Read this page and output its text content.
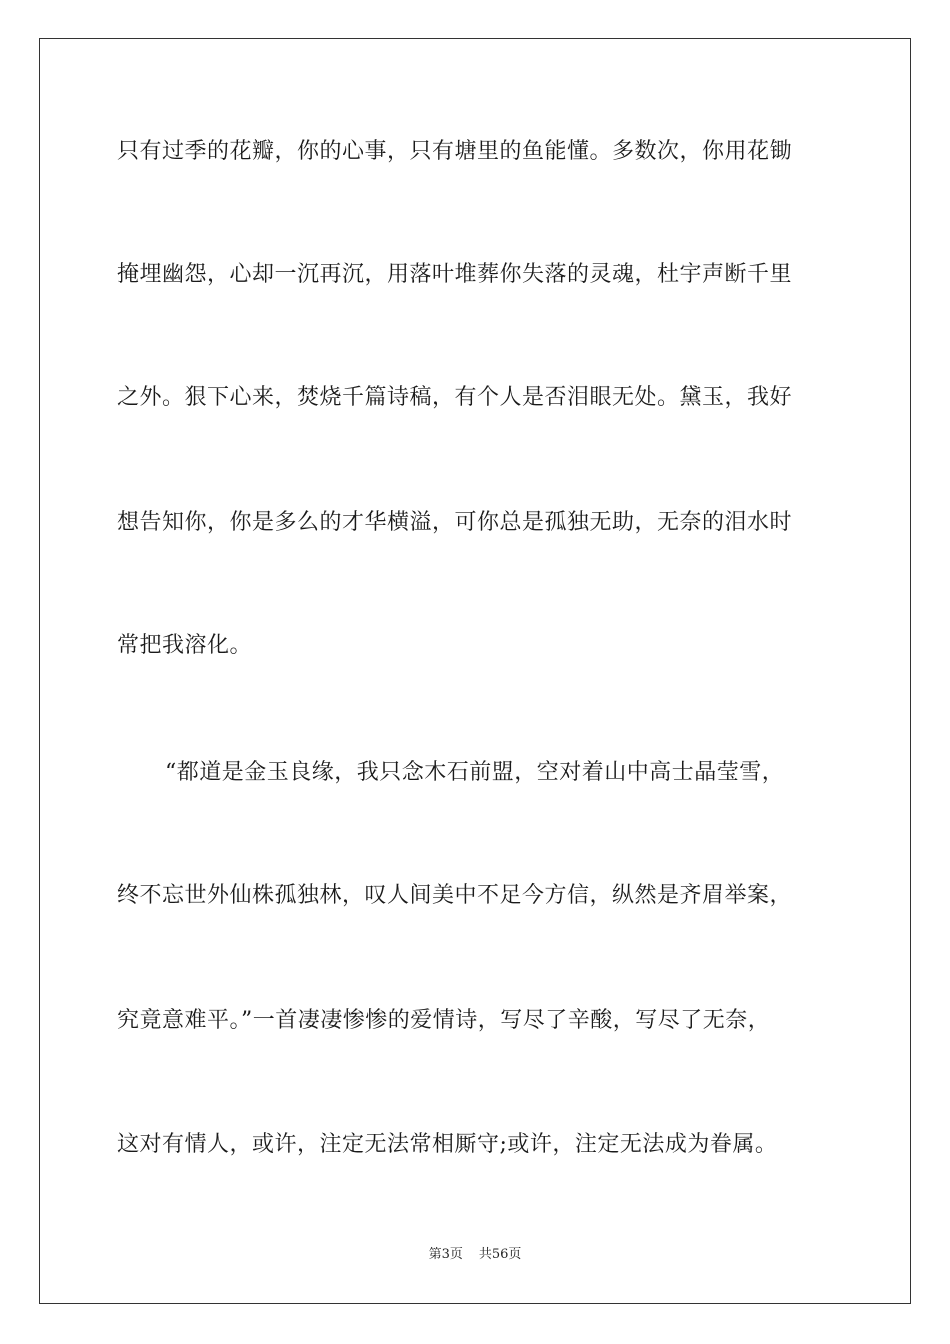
只有过季的花瓣，你的心事，只有塘里的鱼能懂。多数次，你用花锄
掩埋幽怨，心却一沉再沉，用落叶堆葬你失落的灵魂，杜宇声断千里
之外。狠下心来，焚烧千篇诗稿，有个人是否泪眼无处。黛玉，我好
想告知你，你是多么的才华横溢，可你总是孤独无助，无奈的泪水时
常把我溶化。
“都道是金玉良缘，我只念木石前盟，空对着山中高士晶莹雪，
终不忘世外仙株孤独林，叹人间美中不足今方信，纵然是齐眉举案，
究竟意难平。”一首凄凄惨惨的爱情诗，写尽了辛酸，写尽了无奈，
这对有情人，或许，注定无法常相厮守;或许，注定无法成为眷属。
第3页 共56页
